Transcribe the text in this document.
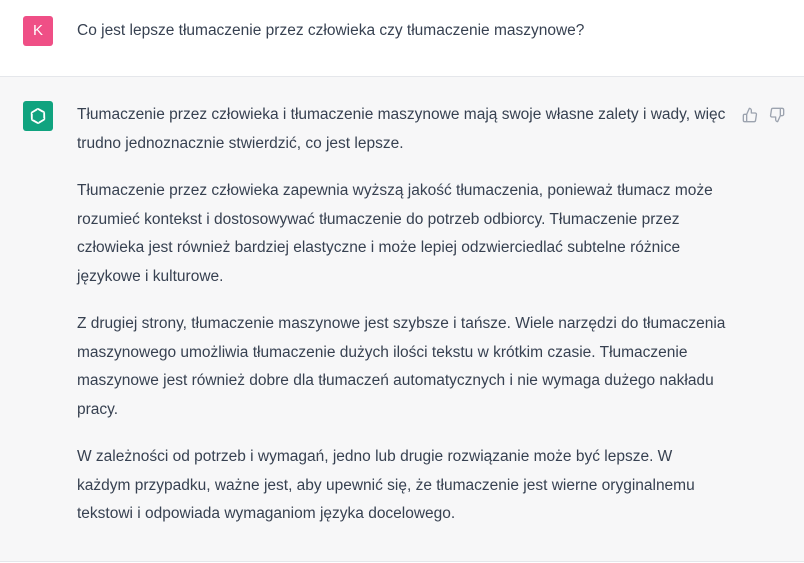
K	Co jest lepsze tłumaczenie przez człowieka czy tłumaczenie maszynowe?

Tłumaczenie przez człowieka i tłumaczenie maszynowe mają swoje własne zalety i wady, więc trudno jednoznacznie stwierdzić, co jest lepsze.

Tłumaczenie przez człowieka zapewnia wyższą jakość tłumaczenia, ponieważ tłumacz może rozumieć kontekst i dostosowywać tłumaczenie do potrzeb odbiorcy. Tłumaczenie przez człowieka jest również bardziej elastyczne i może lepiej odzwierciedlać subtelne różnice językowe i kulturowe.

Z drugiej strony, tłumaczenie maszynowe jest szybsze i tańsze. Wiele narzędzi do tłumaczenia maszynowego umożliwia tłumaczenie dużych ilości tekstu w krótkim czasie. Tłumaczenie maszynowe jest również dobre dla tłumaczeń automatycznych i nie wymaga dużego nakładu pracy.

W zależności od potrzeb i wymagań, jedno lub drugie rozwiązanie może być lepsze. W każdym przypadku, ważne jest, aby upewnić się, że tłumaczenie jest wierne oryginalnemu tekstowi i odpowiada wymaganiom języka docelowego.
